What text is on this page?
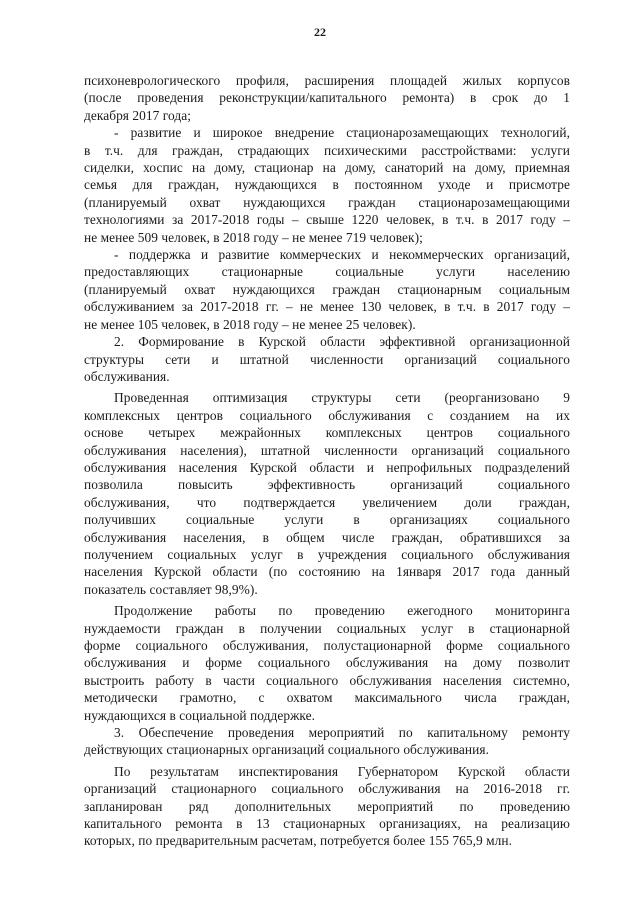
22
психоневрологического профиля, расширения площадей жилых корпусов
(после проведения реконструкции/капитального ремонта) в срок до 1
декабря 2017 года;
- развитие и широкое внедрение стационарозамещающих технологий,
в т.ч. для граждан, страдающих психическими расстройствами: услуги
сиделки, хоспис на дому, стационар на дому, санаторий на дому, приемная
семья для граждан, нуждающихся в постоянном уходе и присмотре
(планируемый охват нуждающихся граждан стационарозамещающими
технологиями за 2017-2018 годы – свыше 1220 человек, в т.ч. в 2017 году –
не менее 509 человек, в 2018 году – не менее 719 человек);
- поддержка и развитие коммерческих и некоммерческих организаций,
предоставляющих стационарные социальные услуги населению
(планируемый охват нуждающихся граждан стационарным социальным
обслуживанием за 2017-2018 гг. – не менее 130 человек, в т.ч. в 2017 году –
не менее 105 человек, в 2018 году – не менее 25 человек).
2. Формирование в Курской области эффективной организационной
структуры сети и штатной численности организаций социального
обслуживания.
Проведенная оптимизация структуры сети (реорганизовано 9
комплексных центров социального обслуживания с созданием на их
основе четырех межрайонных комплексных центров социального
обслуживания населения), штатной численности организаций социального
обслуживания населения Курской области и непрофильных подразделений
позволила повысить эффективность организаций социального
обслуживания, что подтверждается увеличением доли граждан,
получивших социальные услуги в организациях социального
обслуживания населения, в общем числе граждан, обратившихся за
получением социальных услуг в учреждения социального обслуживания
населения Курской области (по состоянию на 1января 2017 года данный
показатель составляет 98,9%).
Продолжение работы по проведению ежегодного мониторинга
нуждаемости граждан в получении социальных услуг в стационарной
форме социального обслуживания, полустационарной форме социального
обслуживания и форме социального обслуживания на дому позволит
выстроить работу в части социального обслуживания населения системно,
методически грамотно, с охватом максимального числа граждан,
нуждающихся в социальной поддержке.
3. Обеспечение проведения мероприятий по капитальному ремонту
действующих стационарных организаций социального обслуживания.
По результатам инспектирования Губернатором Курской области
организаций стационарного социального обслуживания на 2016-2018 гг.
запланирован ряд дополнительных мероприятий по проведению
капитального ремонта в 13 стационарных организациях, на реализацию
которых, по предварительным расчетам, потребуется более 155 765,9 млн.
